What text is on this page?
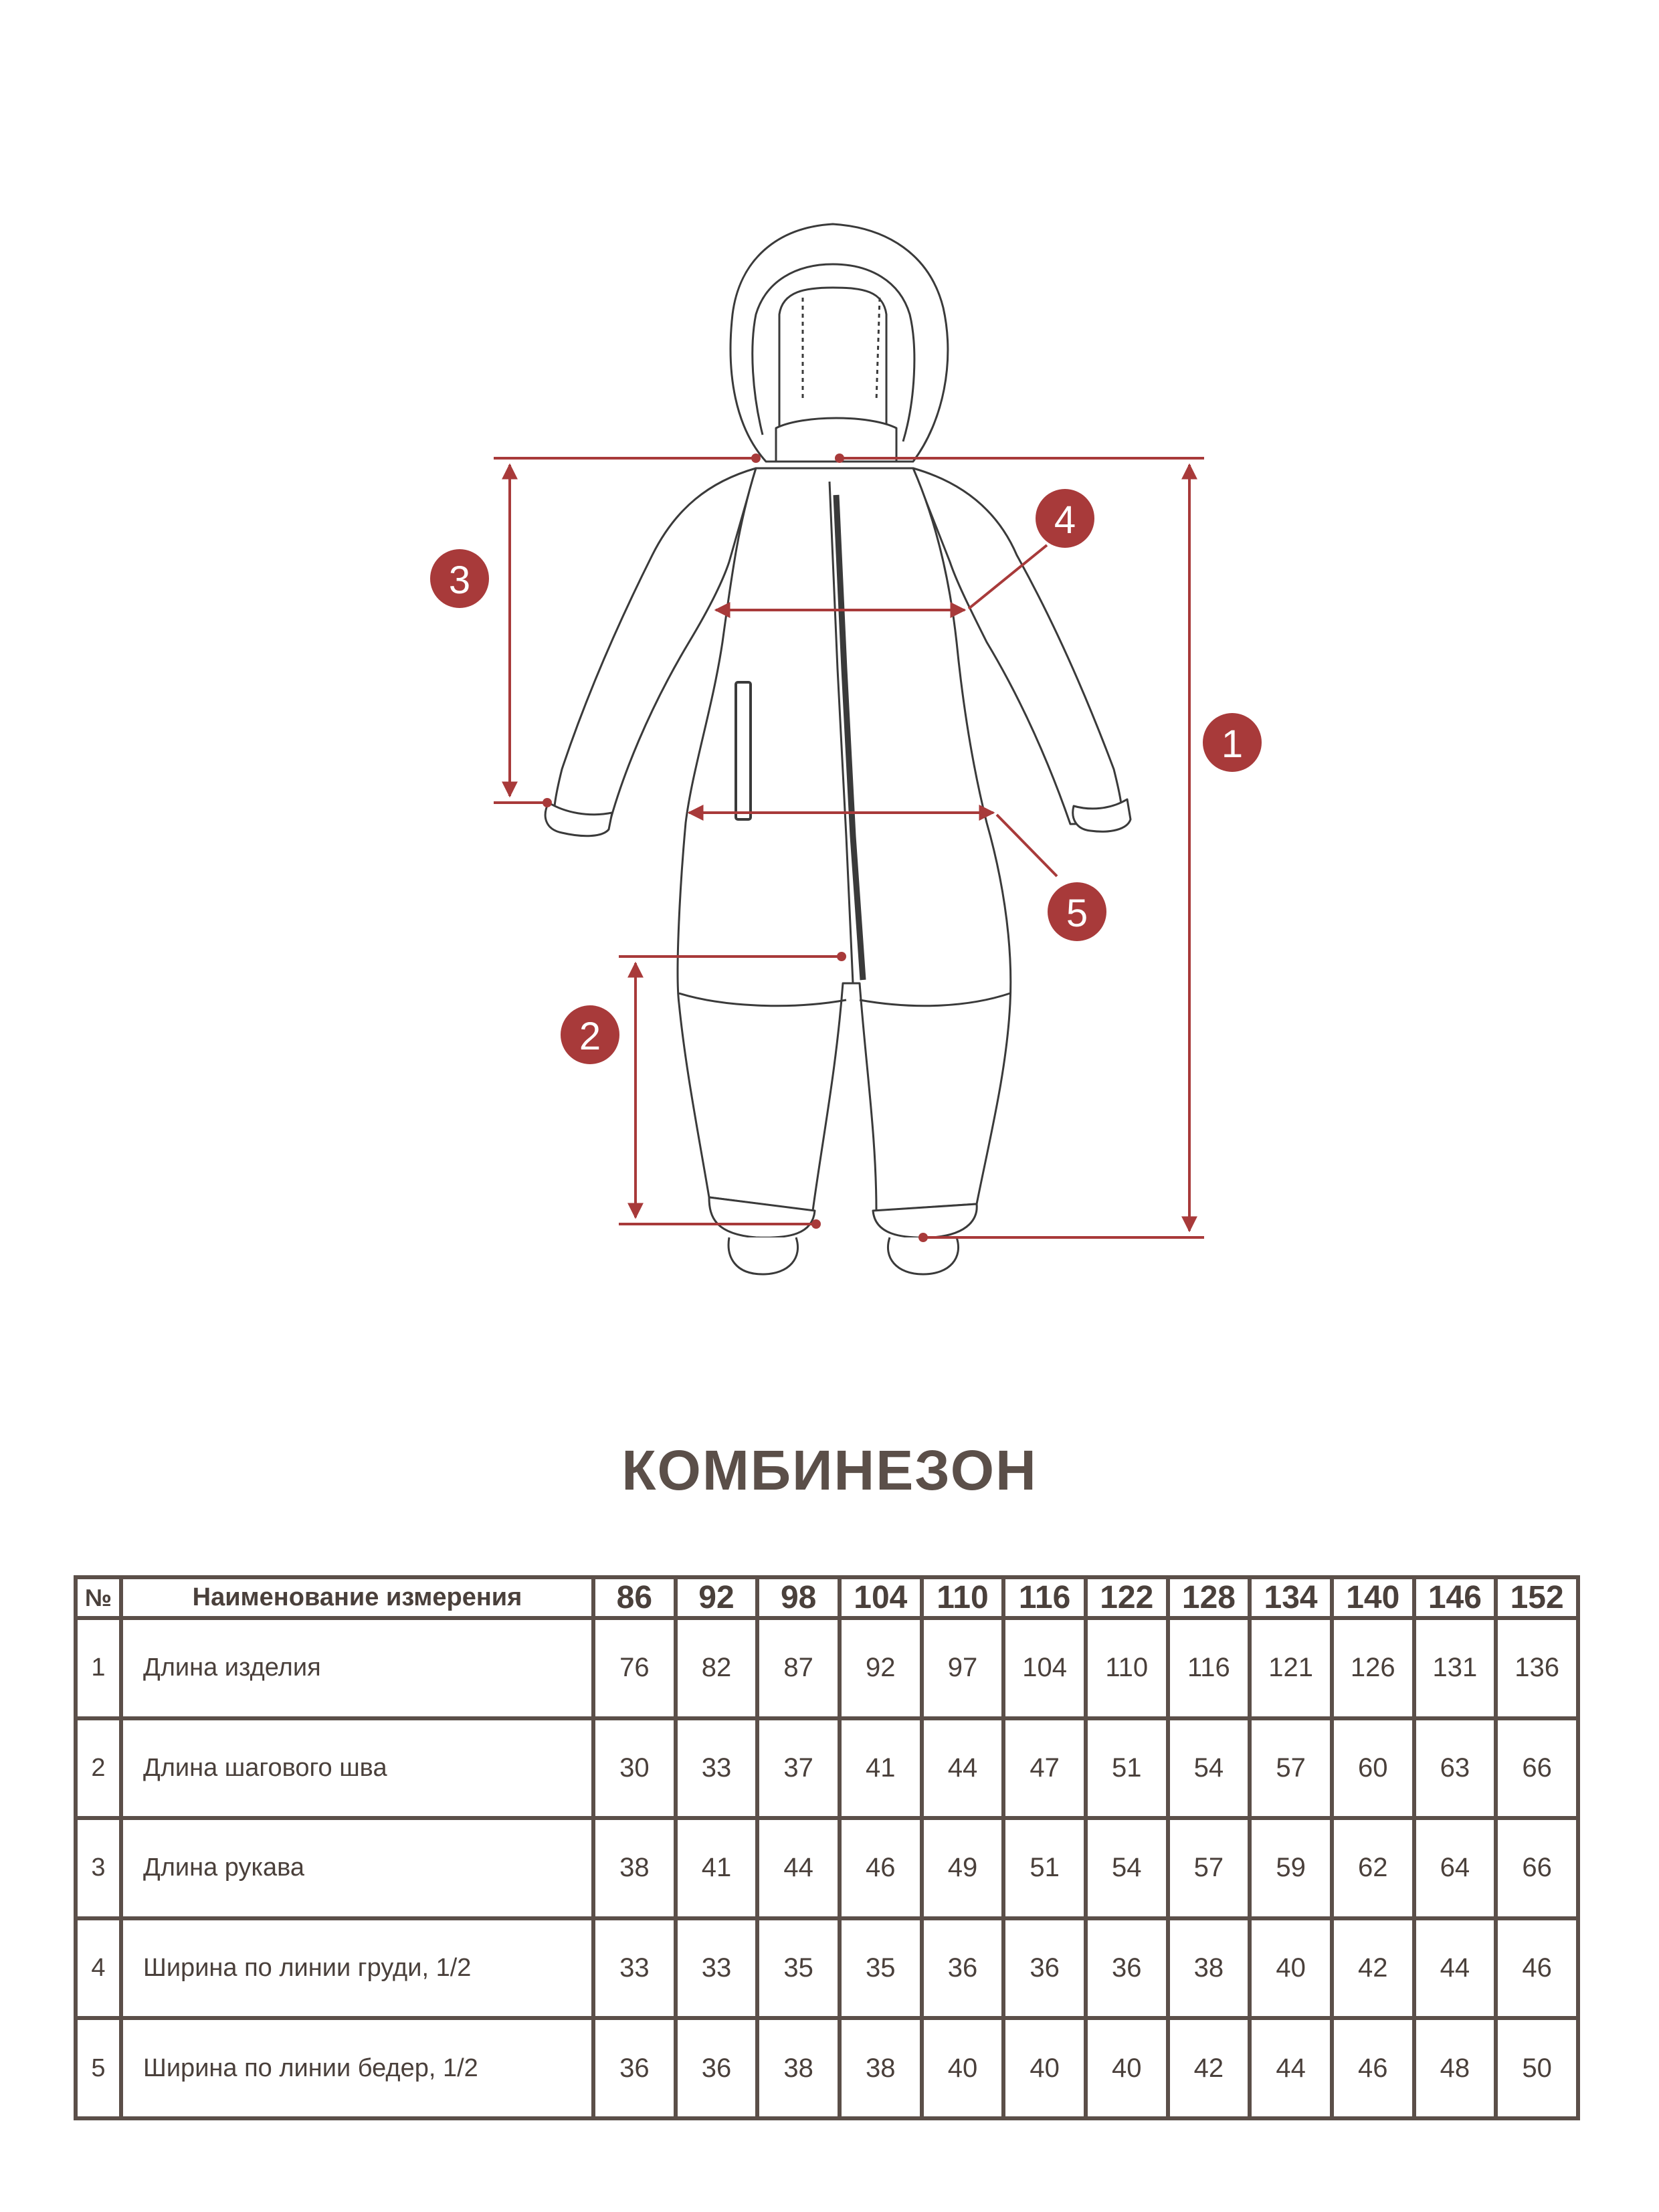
1
2
3
4
5
КОМБИНЕЗОН
№	Наименование измерения	86	92	98	104	110	116	122	128	134	140	146	152
1	Длина изделия	76	82	87	92	97	104	110	116	121	126	131	136
2	Длина шагового шва	30	33	37	41	44	47	51	54	57	60	63	66
3	Длина рукава	38	41	44	46	49	51	54	57	59	62	64	66
4	Ширина по линии груди, 1/2	33	33	35	35	36	36	36	38	40	42	44	46
5	Ширина по линии бедер, 1/2	36	36	38	38	40	40	40	42	44	46	48	50
